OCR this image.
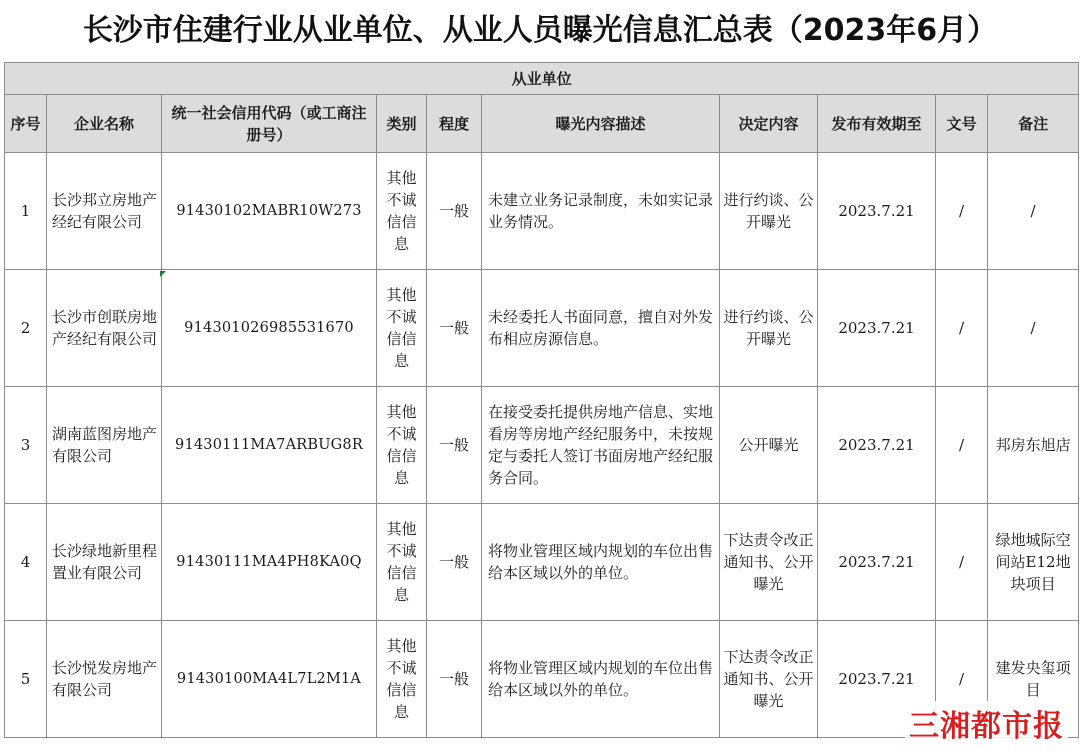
长沙市住建行业从业单位、从业人员曝光信息汇总表（2023年6月）
从业单位									
序号	企业名称	统一社会信用代码（或工商注册号）	类别	程度	曝光内容描述	决定内容	发布有效期至	文号	备注
1	长沙邦立房地产经纪有限公司	91430102MABR10W273	其他不诚信信息	一般	未建立业务记录制度，未如实记录业务情况。	进行约谈、公开曝光	2023.7.21	/	/
2	长沙市创联房地产经纪有限公司	914301026985531670	其他不诚信信息	一般	未经委托人书面同意，擅自对外发布相应房源信息。	进行约谈、公开曝光	2023.7.21	/	/
3	湖南蓝图房地产有限公司	91430111MA7ARBUG8R	其他不诚信信息	一般	在接受委托提供房地产信息、实地看房等房地产经纪服务中，未按规定与委托人签订书面房地产经纪服务合同。	公开曝光	2023.7.21	/	邦房东旭店
4	长沙绿地新里程置业有限公司	91430111MA4PH8KA0Q	其他不诚信信息	一般	将物业管理区域内规划的车位出售给本区域以外的单位。	下达责令改正通知书、公开曝光	2023.7.21	/	绿地城际空间站E12地块项目
5	长沙悦发房地产有限公司	91430100MA4L7L2M1A	其他不诚信信息	一般	将物业管理区域内规划的车位出售给本区域以外的单位。	下达责令改正通知书、公开曝光	2023.7.21	/	建发央玺项目
三湘都市报
